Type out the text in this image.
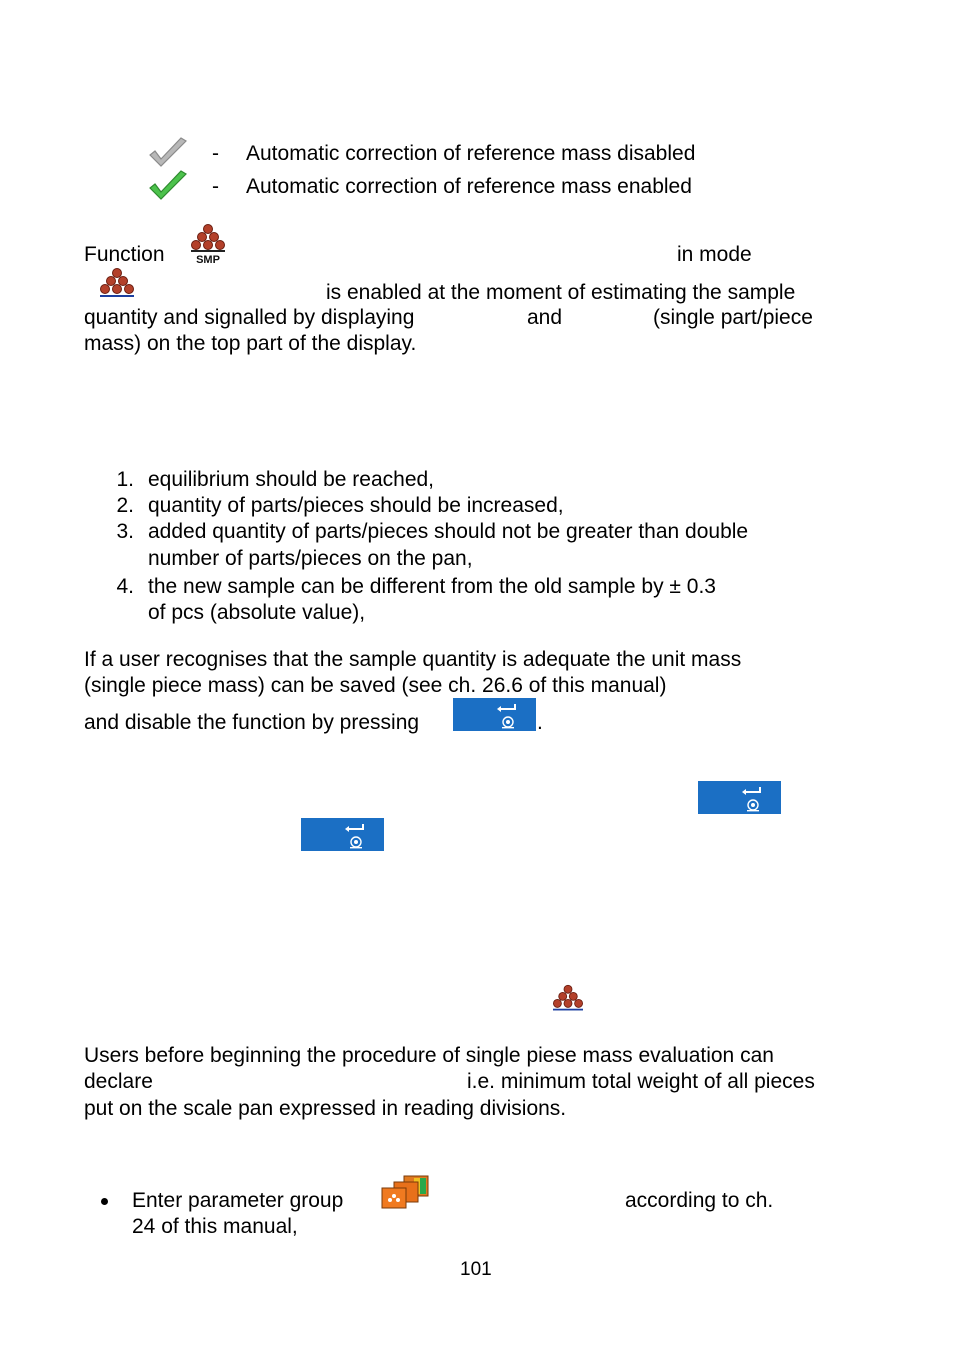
- Automatic correction of reference mass disabled
- Automatic correction of reference mass enabled
Function	SMP	in mode
is enabled at the moment of estimating the sample
quantity and signalled by displaying	and	(single part/piece
mass) on the top part of the display.
1. equilibrium should be reached,
2. quantity of parts/pieces should be increased,
3. added quantity of parts/pieces should not be greater than double
number of parts/pieces on the pan,
4. the new sample can be different from the old sample by ± 0.3
of pcs (absolute value),
If a user recognises that the sample quantity is adequate the unit mass
(single piece mass) can be saved (see ch. 26.6 of this manual)
and disable the function by pressing	.
Users before beginning the procedure of single piese mass evaluation can
declare	i.e. minimum total weight of all pieces
put on the scale pan expressed in reading divisions.
Enter parameter group	according to ch.
24 of this manual,
101
